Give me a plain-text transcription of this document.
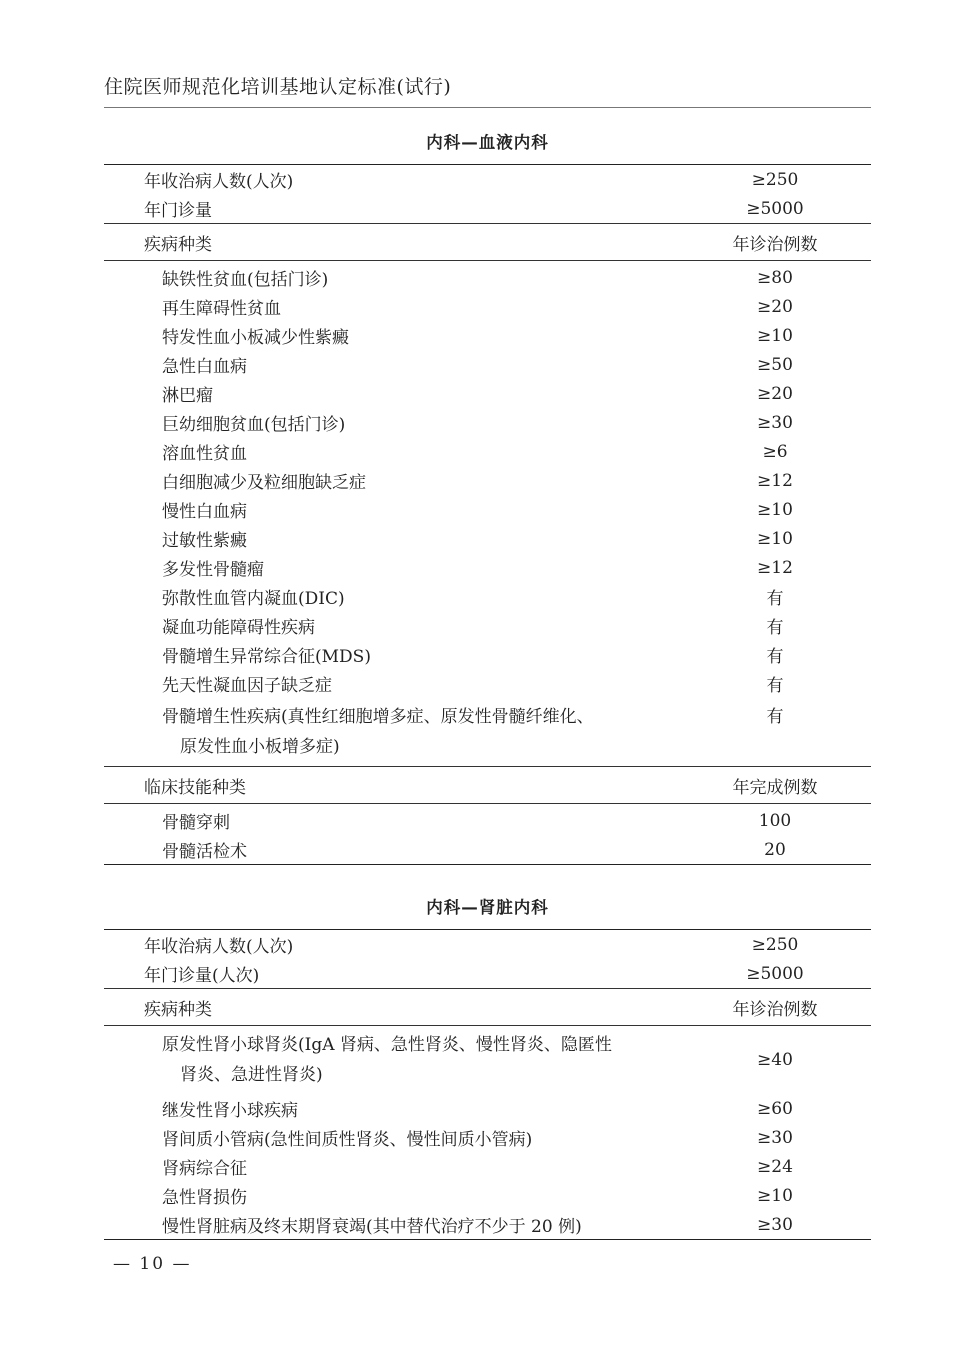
住院医师规范化培训基地认定标准(试行)
内科—血液内科
年收治病人数(人次)	≥250
年门诊量	≥5000
疾病种类	年诊治例数
缺铁性贫血(包括门诊)	≥80
再生障碍性贫血	≥20
特发性血小板减少性紫癜	≥10
急性白血病	≥50
淋巴瘤	≥20
巨幼细胞贫血(包括门诊)	≥30
溶血性贫血	≥6
白细胞减少及粒细胞缺乏症	≥12
慢性白血病	≥10
过敏性紫癜	≥10
多发性骨髓瘤	≥12
弥散性血管内凝血(DIC)	有
凝血功能障碍性疾病	有
骨髓增生异常综合征(MDS)	有
先天性凝血因子缺乏症	有
骨髓增生性疾病(真性红细胞增多症、原发性骨髓纤维化、
原发性血小板增多症)	有
临床技能种类	年完成例数
骨髓穿刺	100
骨髓活检术	20
内科—肾脏内科
年收治病人数(人次)	≥250
年门诊量(人次)	≥5000
疾病种类	年诊治例数
原发性肾小球肾炎(IgA 肾病、急性肾炎、慢性肾炎、隐匿性
肾炎、急进性肾炎)	≥40
继发性肾小球疾病	≥60
肾间质小管病(急性间质性肾炎、慢性间质小管病)	≥30
肾病综合征	≥24
急性肾损伤	≥10
慢性肾脏病及终末期肾衰竭(其中替代治疗不少于 20 例)	≥30
— 10 —
